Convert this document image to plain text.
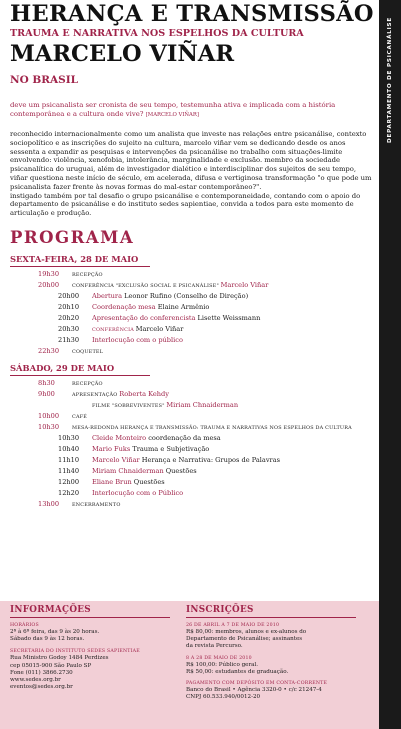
DEPARTAMENTO DE PSICANÁLISE
HERANÇA E TRANSMISSÃO
TRAUMA E NARRATIVA NOS ESPELHOS DA CULTURA
MARCELO VIÑAR
NO BRASIL

deve um psicanalista ser cronista de seu tempo, testemunha ativa e implicada com a história contemporânea e a cultura onde vive? [MARCELO VIÑAR]

reconhecido internacionalmente como um analista que investe nas relações entre psicanálise, contexto sociopolítico e as inscrições do sujeito na cultura, marcelo viñar vem se dedicando desde os anos sessenta a expandir as pesquisas e intervenções da psicanálise no trabalho com situações-limite envolvendo: violência, xenofobia, intolerância, marginalidade e exclusão. membro da sociedade psicanalítica do uruguai, além de investigador dialético e interdisciplinar dos sujeitos de seu tempo, viñar questiona neste início de século, em acelerada, difusa e vertiginosa transformação "o que pode um psicanalista fazer frente às novas formas do mal-estar contemporâneo?".
instigado também por tal desafio o grupo psicanálise e contemporaneidade, contando com o apoio do departamento de psicanálise e do instituto sedes sapientiae, convida a todos para este momento de articulação e produção.

PROGRAMA
SEXTA-FEIRA, 28 DE MAIO
19h30	RECEPÇÃO
20h00	CONFERÊNCIA "EXCLUSÃO SOCIAL E PSICANÁLISE" Marcelo Viñar
20h00 Abertura Leonor Rufino (Conselho de Direção)
20h10 Coordenação mesa Elaine Armênio
20h20 Apresentação do conferencista Lisette Weissmann
20h30	CONFERÊNCIA Marcelo Viñar
21h30 Interlocução com o público
22h30	COQUETEL
SÁBADO, 29 DE MAIO
8h30	RECEPÇÃO
9h00	APRESENTAÇÃO Roberta Kehdy
FILME "SOBREVIVENTES" Miriam Chnaiderman
10h00	CAFÉ
10h30	MESA-REDONDA HERANÇA E TRANSMISSÃO: TRAUMA E NARRATIVAS NOS ESPELHOS DA CULTURA
10h30 Cleide Monteiro coordenação da mesa
10h40 Mario Fuks Trauma e Subjetivação
11h10 Marcelo Viñar Herança e Narrativa: Grupos de Palavras
11h40 Miriam Chnaiderman Questões
12h00 Eliane Brun Questões
12h20 Interlocução com o Público
13h00	ENCERRAMENTO
INFORMAÇÕES
HORÁRIOS
2ª à 6ª feira, das 9 às 20 horas.
Sábado das 9 às 12 horas.
SECRETARIA DO INSTITUTO SEDES SAPIENTIAE
Rua Ministro Godoy 1484 Perdizes
cep 05015-900 São Paulo SP
Fone (011) 3866.2730
www.sedes.org.br
eventos@sedes.org.br
INSCRIÇÕES
26 DE ABRIL A 7 DE MAIO DE 2010
R$ 80,00: membros, alunos e ex-alunos do
Departamento de Psicanálise; assinantes
da revista Percurso.
8 A 28 DE MAIO DE 2010
R$ 100,00: Público geral.
R$ 50,00: estudantes de graduação.
PAGAMENTO COM DEPÓSITO EM CONTA-CORRENTE
Banco do Brasil • Agência 3320-0 • c/c 21247-4
CNPJ 60.533.940/0012-20
